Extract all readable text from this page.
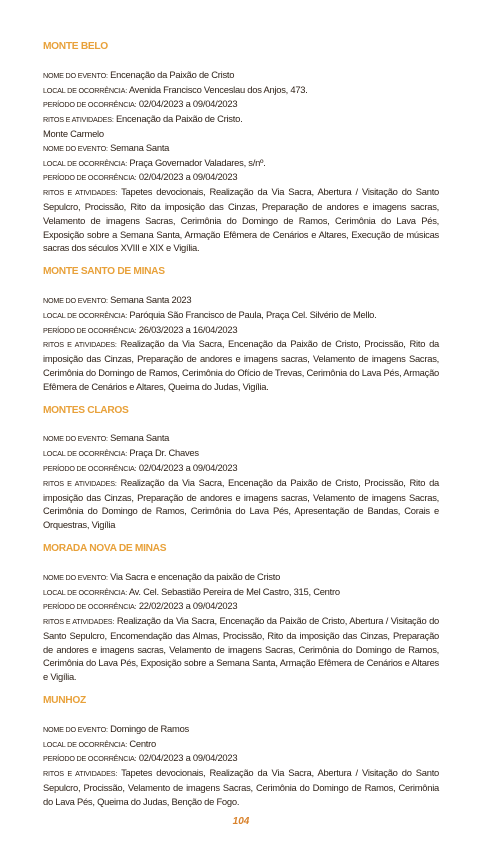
MONTE BELO

NOME DO EVENTO: Encenação da Paixão de Cristo

LOCAL DE OCORRÊNCIA: Avenida Francisco Venceslau dos Anjos, 473.

PERÍODO DE OCORRÊNCIA: 02/04/2023 a 09/04/2023

RITOS E ATIVIDADES: Encenação da Paixão de Cristo.

Monte Carmelo

NOME DO EVENTO: Semana Santa

LOCAL DE OCORRÊNCIA: Praça Governador Valadares, s/nº.

PERÍODO DE OCORRÊNCIA: 02/04/2023 a 09/04/2023

RITOS E ATIVIDADES: Tapetes devocionais, Realização da Via Sacra, Abertura / Visitação do Santo Sepulcro, Procissão, Rito da imposição das Cinzas, Preparação de andores e imagens sacras, Velamento de imagens Sacras, Cerimônia do Domingo de Ramos, Cerimônia do Lava Pés, Exposição sobre a Semana Santa, Armação Efêmera de Cenários e Altares, Execução de músicas sacras dos séculos XVIII e XIX e Vigília.

MONTE SANTO DE MINAS

NOME DO EVENTO: Semana Santa 2023

LOCAL DE OCORRÊNCIA: Paróquia São Francisco de Paula, Praça Cel. Silvério de Mello.

PERÍODO DE OCORRÊNCIA: 26/03/2023 a 16/04/2023

RITOS E ATIVIDADES: Realização da Via Sacra, Encenação da Paixão de Cristo, Procissão, Rito da imposição das Cinzas, Preparação de andores e imagens sacras, Velamento de imagens Sacras, Cerimônia do Domingo de Ramos, Cerimônia do Ofício de Trevas, Cerimônia do Lava Pés, Armação Efêmera de Cenários e Altares, Queima do Judas, Vigília.

MONTES CLAROS

NOME DO EVENTO: Semana Santa

LOCAL DE OCORRÊNCIA: Praça Dr. Chaves

PERÍODO DE OCORRÊNCIA: 02/04/2023 a 09/04/2023

RITOS E ATIVIDADES: Realização da Via Sacra, Encenação da Paixão de Cristo, Procissão, Rito da imposição das Cinzas, Preparação de andores e imagens sacras, Velamento de imagens Sacras, Cerimônia do Domingo de Ramos, Cerimônia do Lava Pés, Apresentação de Bandas, Corais e Orquestras, Vigília

MORADA NOVA DE MINAS

NOME DO EVENTO: Via Sacra e encenação da paixão de Cristo

LOCAL DE OCORRÊNCIA: Av. Cel. Sebastião Pereira de Mel Castro, 315, Centro

PERÍODO DE OCORRÊNCIA: 22/02/2023 a 09/04/2023

RITOS E ATIVIDADES: Realização da Via Sacra, Encenação da Paixão de Cristo, Abertura / Visitação do Santo Sepulcro, Encomendação das Almas, Procissão, Rito da imposição das Cinzas, Preparação de andores e imagens sacras, Velamento de imagens Sacras, Cerimônia do Domingo de Ramos, Cerimônia do Lava Pés, Exposição sobre a Semana Santa, Armação Efêmera de Cenários e Altares e Vigília.

MUNHOZ

NOME DO EVENTO: Domingo de Ramos

LOCAL DE OCORRÊNCIA: Centro

PERÍODO DE OCORRÊNCIA: 02/04/2023 a 09/04/2023

RITOS E ATIVIDADES: Tapetes devocionais, Realização da Via Sacra, Abertura / Visitação do Santo Sepulcro, Procissão, Velamento de imagens Sacras, Cerimônia do Domingo de Ramos, Cerimônia do Lava Pés, Queima do Judas, Benção de Fogo.

104
